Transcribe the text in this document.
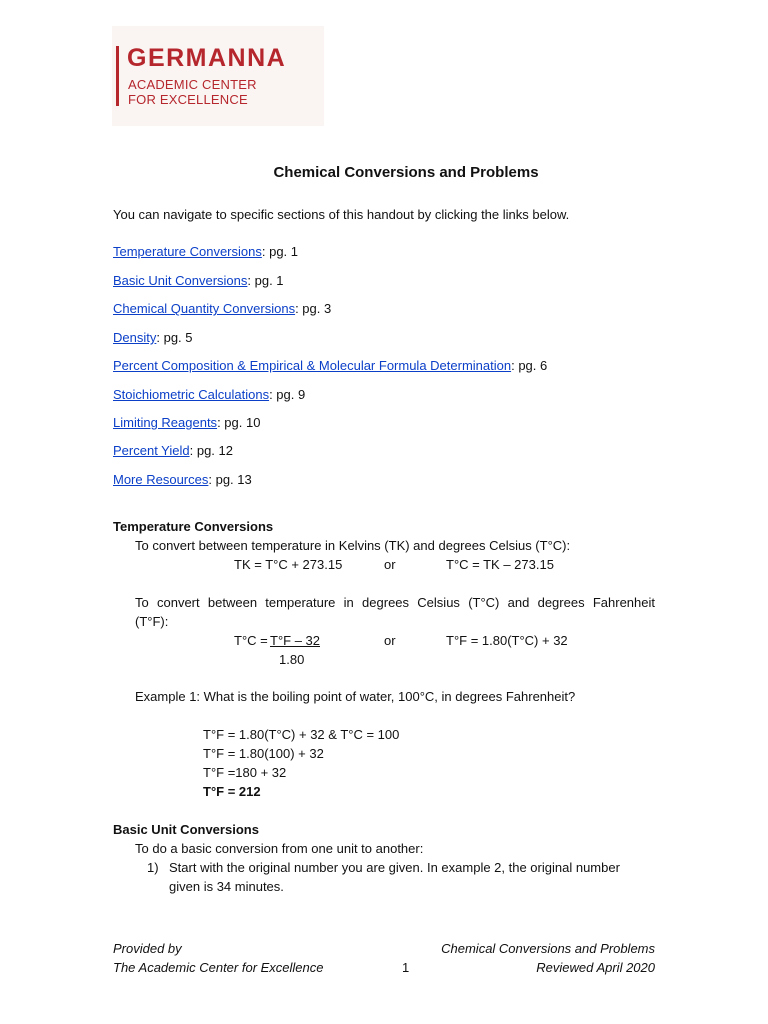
GERMANNA
ACADEMIC CENTER
FOR EXCELLENCE
Chemical Conversions and Problems
You can navigate to specific sections of this handout by clicking the links below.
Temperature Conversions: pg. 1
Basic Unit Conversions: pg. 1
Chemical Quantity Conversions: pg. 3
Density: pg. 5
Percent Composition & Empirical & Molecular Formula Determination: pg. 6
Stoichiometric Calculations: pg. 9
Limiting Reagents: pg. 10
Percent Yield: pg. 12
More Resources: pg. 13
Temperature Conversions
To convert between temperature in Kelvins (TK) and degrees Celsius (T°C):
TK = T°C + 273.15	or	T°C = TK – 273.15
To convert between temperature in degrees Celsius (T°C) and degrees Fahrenheit
(T°F):
T°C = T°F – 32
1.80
or	T°F = 1.80(T°C) + 32
Example 1: What is the boiling point of water, 100°C, in degrees Fahrenheit?
T°F = 1.80(T°C) + 32 & T°C = 100
T°F = 1.80(100) + 32
T°F =180 + 32
T°F = 212
Basic Unit Conversions
To do a basic conversion from one unit to another:
1) Start with the original number you are given. In example 2, the original number
given is 34 minutes.
Provided by
The Academic Center for Excellence	1
Chemical Conversions and Problems
Reviewed April 2020
